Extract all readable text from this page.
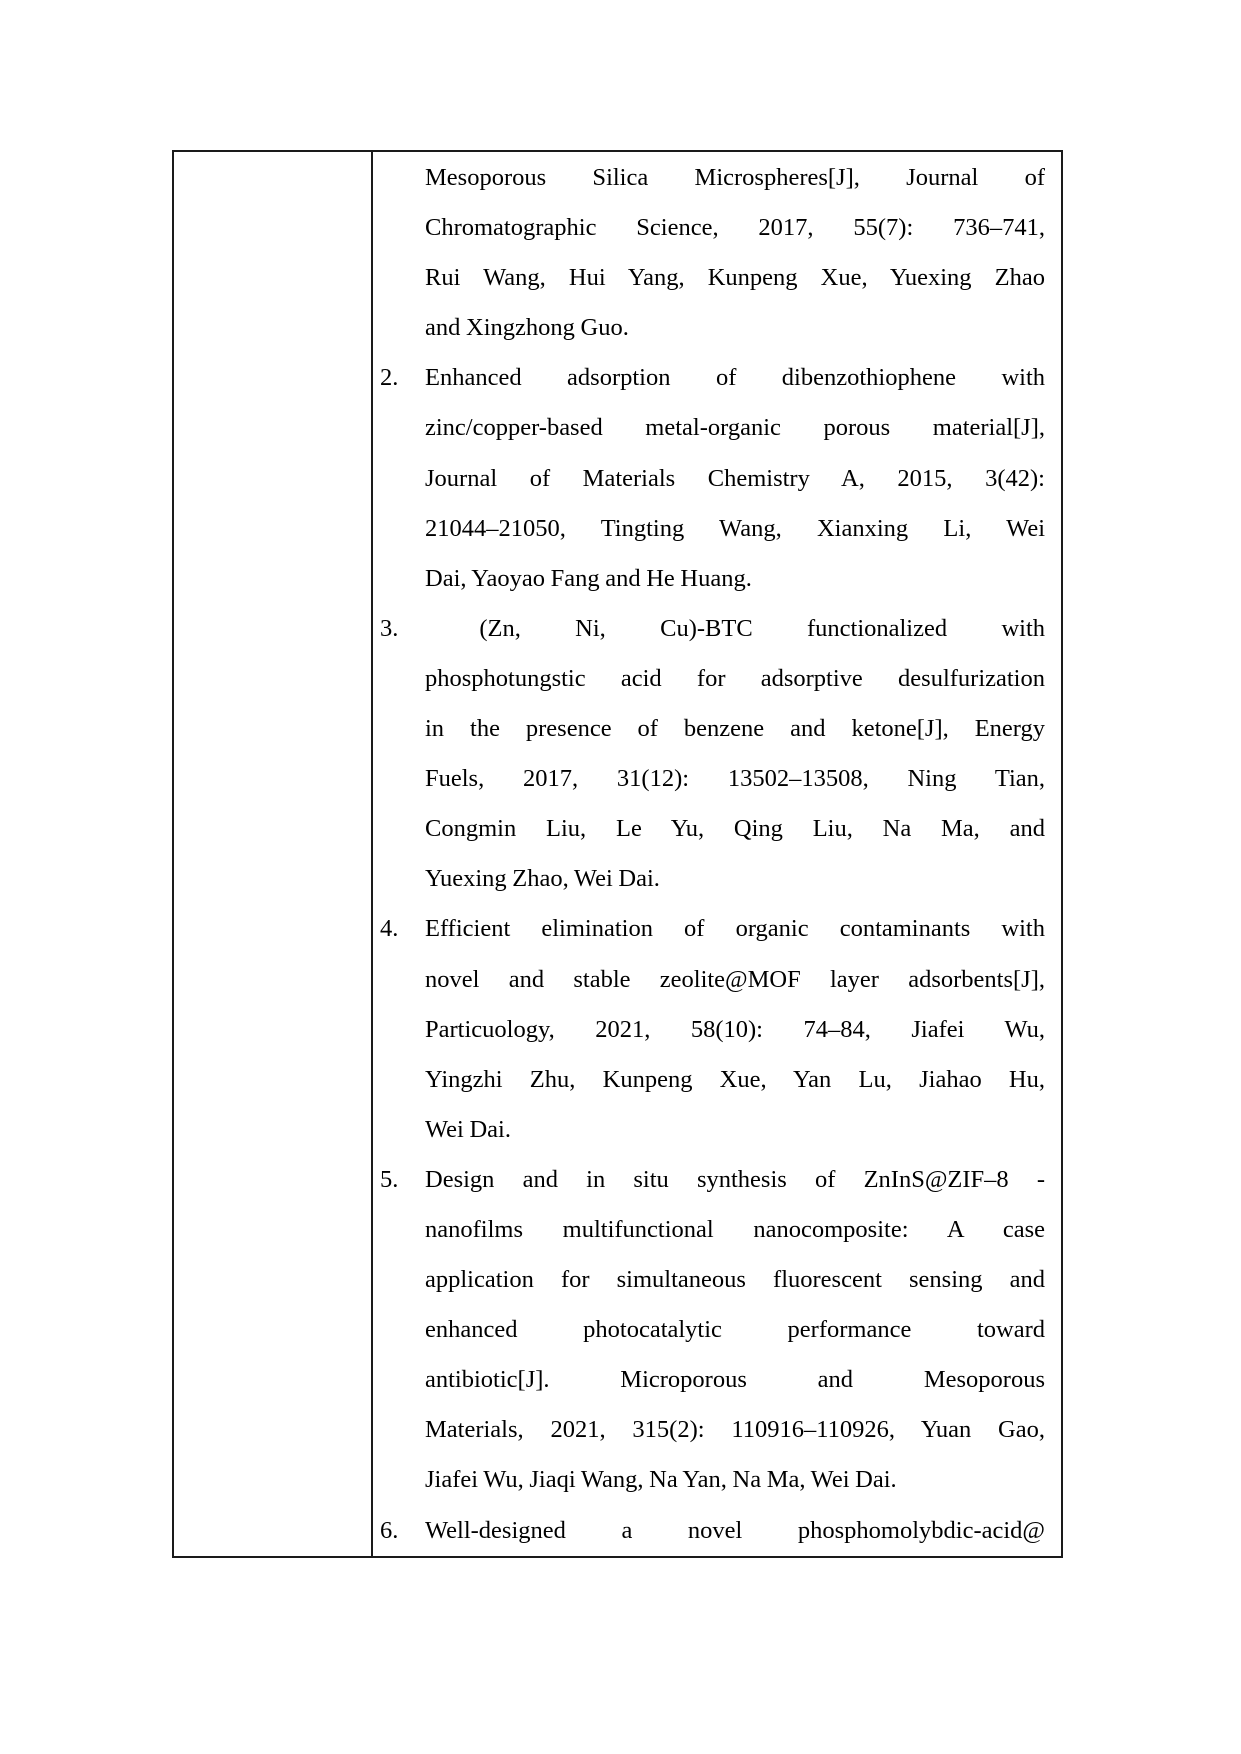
Mesoporous Silica Microspheres[J], Journal of
Chromatographic Science, 2017, 55(7): 736–741,
Rui Wang, Hui Yang, Kunpeng Xue, Yuexing Zhao
and Xingzhong Guo.
2.	Enhanced adsorption of dibenzothiophene with
zinc/copper-based metal-organic porous material[J],
Journal of Materials Chemistry A, 2015, 3(42):
21044–21050, Tingting Wang, Xianxing Li, Wei
Dai, Yaoyao Fang and He Huang.
3.	(Zn, Ni, Cu)-BTC functionalized with
phosphotungstic acid for adsorptive desulfurization
in the presence of benzene and ketone[J], Energy
Fuels, 2017, 31(12): 13502–13508, Ning Tian,
Congmin Liu, Le Yu, Qing Liu, Na Ma, and
Yuexing Zhao, Wei Dai.
4.	Efficient elimination of organic contaminants with
novel and stable zeolite@MOF layer adsorbents[J],
Particuology, 2021, 58(10): 74–84, Jiafei Wu,
Yingzhi Zhu, Kunpeng Xue, Yan Lu, Jiahao Hu,
Wei Dai.
5.	Design and in situ synthesis of ZnInS@ZIF–8 -
nanofilms multifunctional nanocomposite: A case
application for simultaneous fluorescent sensing and
enhanced photocatalytic performance toward
antibiotic[J]. Microporous and Mesoporous
Materials, 2021, 315(2): 110916–110926, Yuan Gao,
Jiafei Wu, Jiaqi Wang, Na Yan, Na Ma, Wei Dai.
6.	Well-designed a novel phosphomolybdic-acid@
